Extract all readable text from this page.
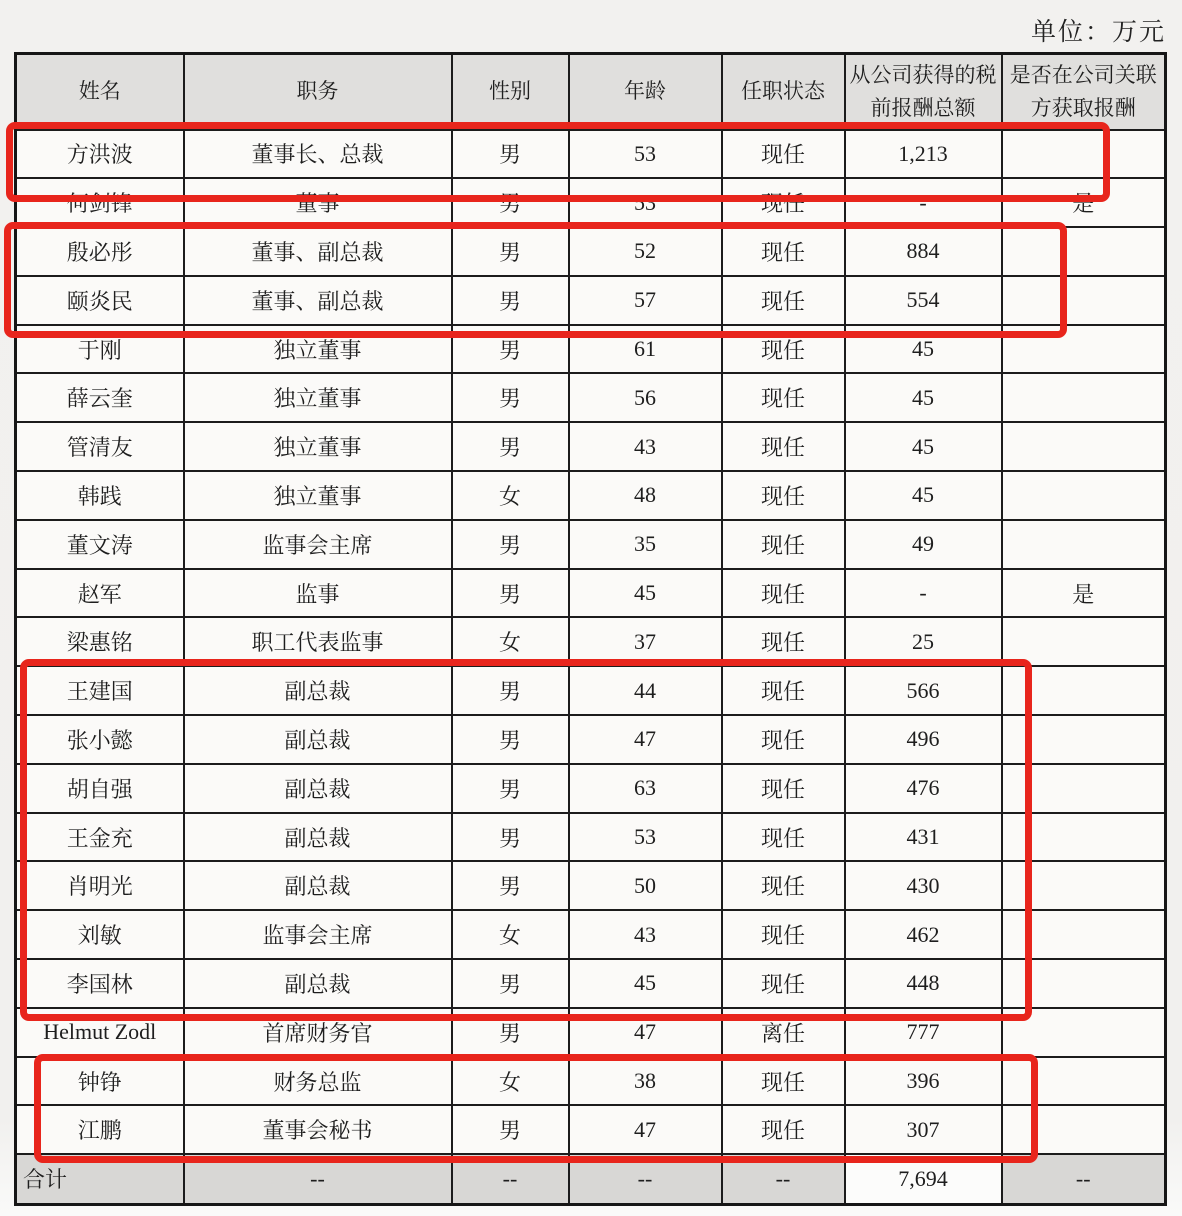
单位：万元
姓名	职务	性别	年龄	任职状态	从公司获得的税前报酬总额	是否在公司关联方获取报酬
方洪波	董事长、总裁	男	53	现任	1,213	
何剑锋	董事	男	53	现任	-	是
殷必彤	董事、副总裁	男	52	现任	884	
颐炎民	董事、副总裁	男	57	现任	554	
于刚	独立董事	男	61	现任	45	
薛云奎	独立董事	男	56	现任	45	
管清友	独立董事	男	43	现任	45	
韩践	独立董事	女	48	现任	45	
董文涛	监事会主席	男	35	现任	49	
赵军	监事	男	45	现任	-	是
梁惠铭	职工代表监事	女	37	现任	25	
王建国	副总裁	男	44	现任	566	
张小懿	副总裁	男	47	现任	496	
胡自强	副总裁	男	63	现任	476	
王金充	副总裁	男	53	现任	431	
肖明光	副总裁	男	50	现任	430	
刘敏	监事会主席	女	43	现任	462	
李国林	副总裁	男	45	现任	448	
Helmut Zodl	首席财务官	男	47	离任	777	
钟铮	财务总监	女	38	现任	396	
江鹏	董事会秘书	男	47	现任	307	
合计	--	--	--	--	7,694	--
